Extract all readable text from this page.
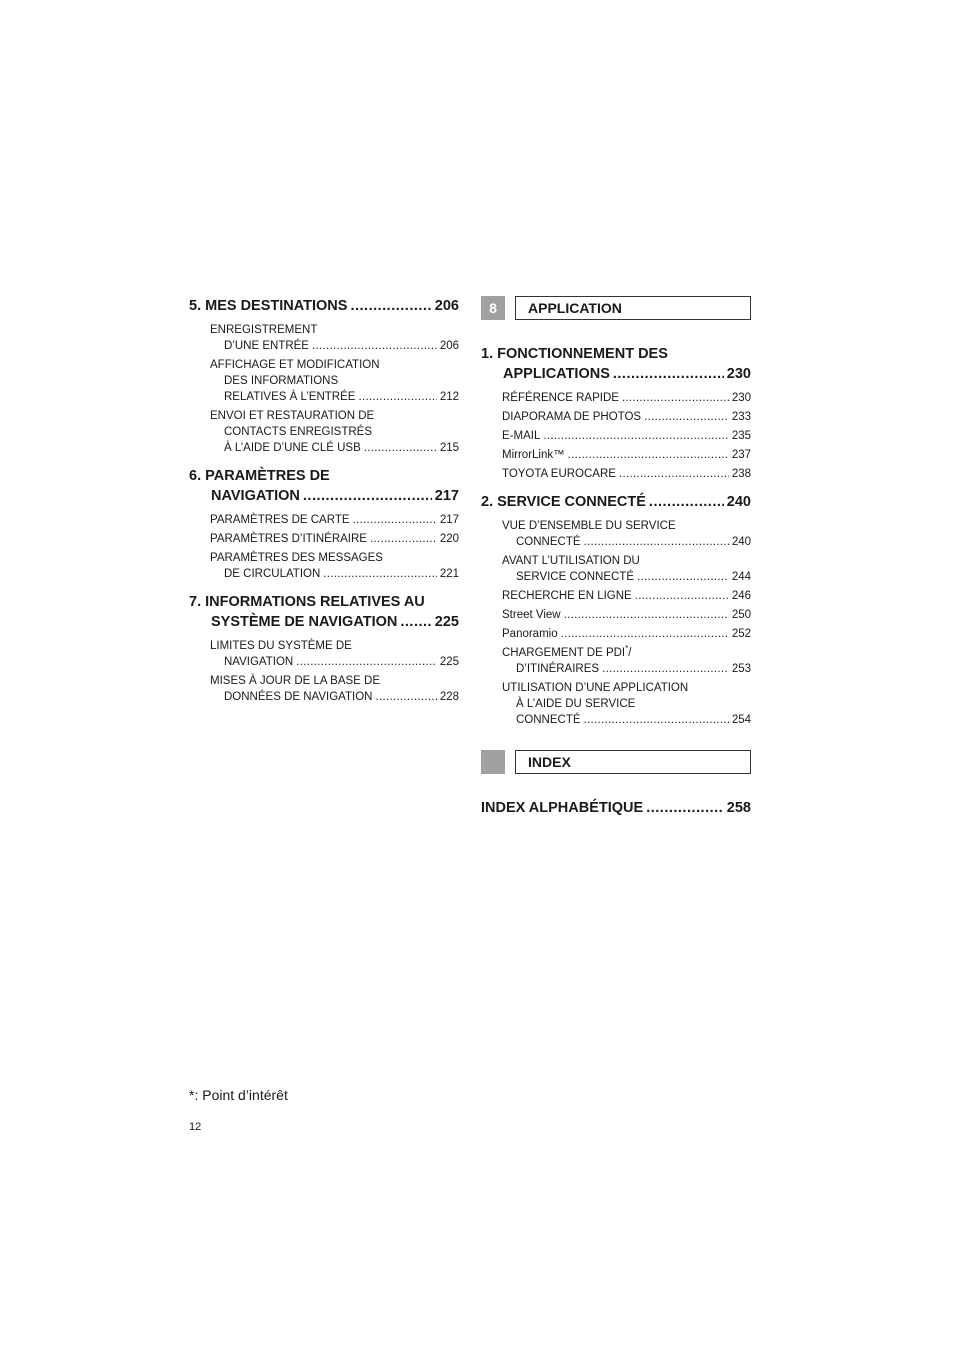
5. MES DESTINATIONS .....	206
ENREGISTREMENT
D’UNE ENTRÉE .....	206
AFFICHAGE ET MODIFICATION
DES INFORMATIONS
RELATIVES À L’ENTRÉE .....	212
ENVOI ET RESTAURATION DE
CONTACTS ENREGISTRÉS
À L’AIDE D’UNE CLÉ USB .....	215
6. PARAMÈTRES DE
NAVIGATION .....	217
PARAMÈTRES DE CARTE .....	217
PARAMÈTRES D’ITINÉRAIRE .....	220
PARAMÈTRES DES MESSAGES
DE CIRCULATION .....	221
7. INFORMATIONS RELATIVES AU
SYSTÈME DE NAVIGATION .....	225
LIMITES DU SYSTÈME DE
NAVIGATION .....	225
MISES À JOUR DE LA BASE DE
DONNÉES DE NAVIGATION .....	228
8	APPLICATION
1. FONCTIONNEMENT DES
APPLICATIONS .....	230
RÉFÉRENCE RAPIDE .....	230
DIAPORAMA DE PHOTOS .....	233
E-MAIL .....	235
MirrorLink™ .....	237
TOYOTA EUROCARE .....	238
2. SERVICE CONNECTÉ .....	240
VUE D’ENSEMBLE DU SERVICE
CONNECTÉ .....	240
AVANT L’UTILISATION DU
SERVICE CONNECTÉ .....	244
RECHERCHE EN LIGNE .....	246
Street View .....	250
Panoramio .....	252
CHARGEMENT DE PDI*/
D’ITINÉRAIRES .....	253
UTILISATION D’UNE APPLICATION
À L’AIDE DU SERVICE
CONNECTÉ .....	254
INDEX
INDEX ALPHABÉTIQUE .....	258
*: Point d’intérêt
12
